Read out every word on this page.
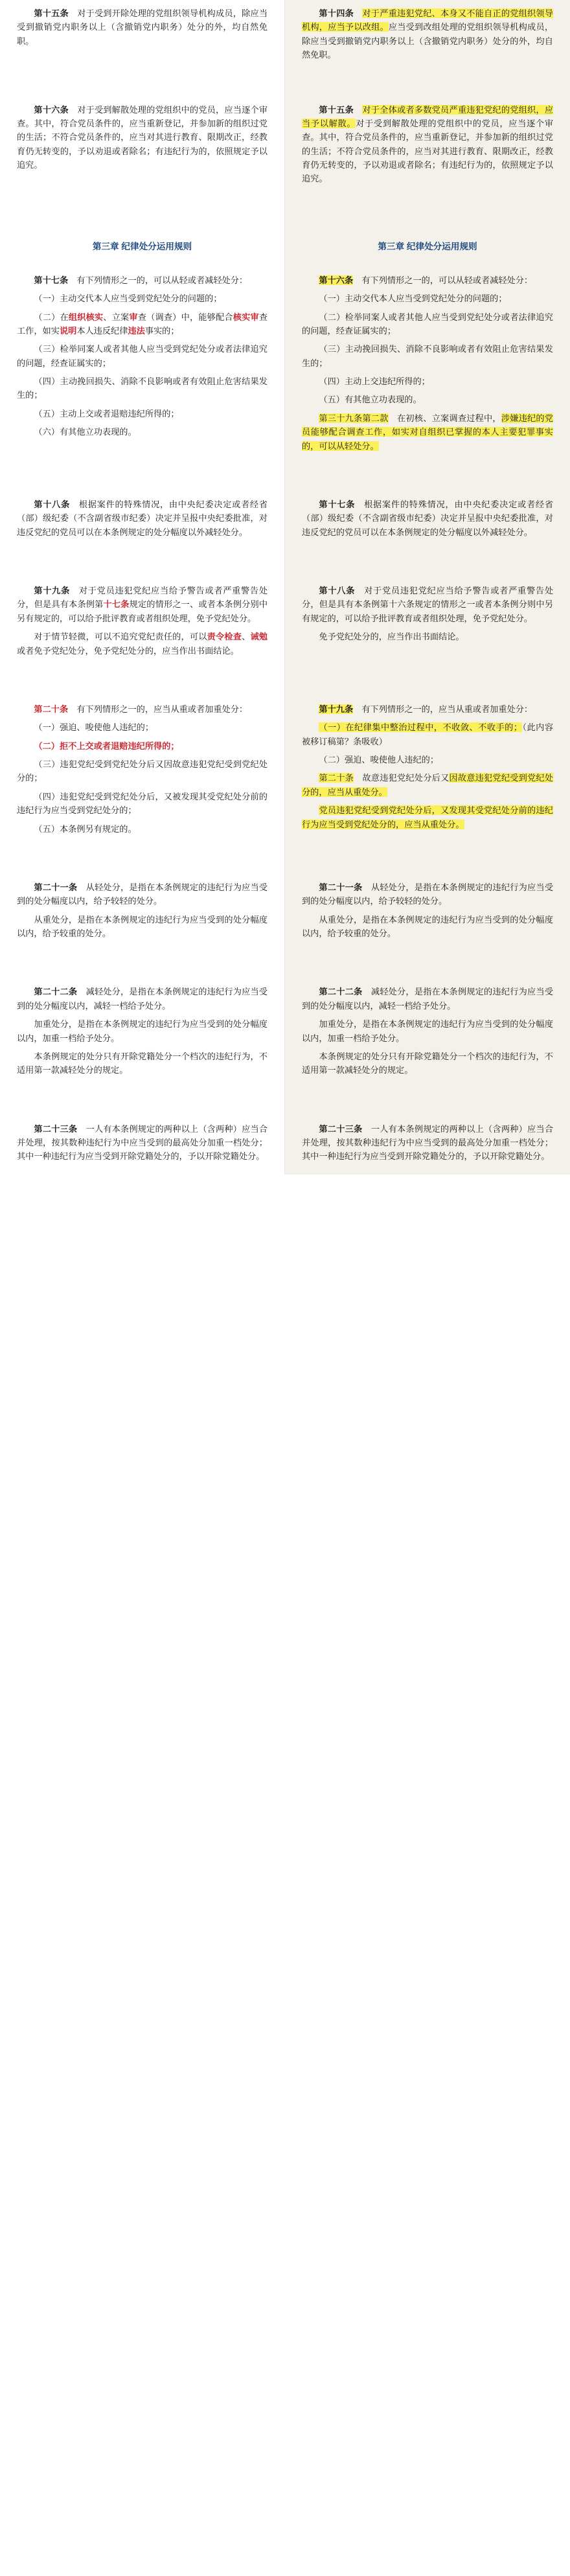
第十五条　 对于受到开除处理的党组织领导机构成员，除应当受到撤销党内职务以上（含撤销党内职务）处分的外，均自然免职。

第十四条　 对于严重违犯党纪、本身又不能自正的党组织领导机构，应当予以改组。应当受到改组处理的党组织领导机构成员，除应当受到撤销党内职务以上（含撤销党内职务）处分的外，均自然免职。

第十六条　 对于受到解散处理的党组织中的党员，应当逐个审查。其中，符合党员条件的，应当重新登记，并参加新的组织过党的生活；不符合党员条件的，应当对其进行教育、限期改正，经教育仍无转变的，予以劝退或者除名；有违纪行为的，依照规定予以追究。

第十五条　 对于全体或者多数党员严重违犯党纪的党组织，应当予以解散。对于受到解散处理的党组织中的党员，应当逐个审查。其中，符合党员条件的，应当重新登记，并参加新的组织过党的生活；不符合党员条件的，应当对其进行教育、限期改正，经教育仍无转变的，予以劝退或者除名；有违纪行为的，依照规定予以追究。

第三章 纪律处分运用规则	第三章 纪律处分运用规则

第十七条　 有下列情形之一的，可以从轻或者减轻处分：

（一）主动交代本人应当受到党纪处分的问题的；

（二）在组织核实、立案审查（调查）中，能够配合核实审查工作，如实说明本人违反纪律违法事实的；

（三）检举同案人或者其他人应当受到党纪处分或者法律追究的问题，经查证属实的；

（四）主动挽回损失、消除不良影响或者有效阻止危害结果发生的；

（五）主动上交或者退赔违纪所得的；

（六）有其他立功表现的。

第十六条　 有下列情形之一的，可以从轻或者减轻处分：

（一）主动交代本人应当受到党纪处分的问题的；

（二）检举同案人或者其他人应当受到党纪处分或者法律追究的问题，经查证属实的；

（三）主动挽回损失、消除不良影响或者有效阻止危害结果发生的；

（四）主动上交违纪所得的；

（五）有其他立功表现的。

第三十九条第二款　在初核、立案调查过程中，涉嫌违纪的党员能够配合调查工作，如实对自组织已掌握的本人主要犯罪事实的，可以从轻处分。

第十八条　 根据案件的特殊情况，由中央纪委决定或者经省（部）级纪委（不含副省级市纪委）决定并呈报中央纪委批准，对违反党纪的党员可以在本条例规定的处分幅度以外减轻处分。

第十七条　 根据案件的特殊情况，由中央纪委决定或者经省（部）级纪委（不含副省级市纪委）决定并呈报中央纪委批准，对违反党纪的党员可以在本条例规定的处分幅度以外减轻处分。

第十九条　对于党员违犯党纪应当给予警告或者严重警告处分，但是具有本条例第十七条规定的情形之一、或者本条例分别中另有规定的，可以给予批评教育或者组织处理，免予党纪处分。

对于情节轻微，可以不追究党纪责任的，可以责令检查、诫勉或者免予党纪处分，免予党纪处分的，应当作出书面结论。

第十八条　 对于党员违犯党纪应当给予警告或者严重警告处分，但是具有本条例第十六条规定的情形之一或者本条例分则中另有规定的，可以给予批评教育或者组织处理，免予党纪处分。

免予党纪处分的，应当作出书面结论。

第二十条　 有下列情形之一的，应当从重或者加重处分：

（一）强迫、唆使他人违纪的；

（二）拒不上交或者退赔违纪所得的；

（三）违犯党纪受到党纪处分后又因故意违犯党纪受到党纪处分的；

（四）违犯党纪受到党纪处分后，又被发现其受党纪处分前的违纪行为应当受到党纪处分的；

（五）本条例另有规定的。

第十九条　 有下列情形之一的，应当从重或者加重处分：

（一）在纪律集中整治过程中，不收敛、不收手的；（此内容被移订稿第？条吸收）

（二）强迫、唆使他人违纪的；

第二十条　故意违犯党纪处分后又因故意违犯党纪受到党纪处分的，应当从重处分。

党员违犯党纪受到党纪处分后，又发现其受党纪处分前的违纪行为应当受到党纪处分的，应当从重处分。

第二十一条　 从轻处分，是指在本条例规定的违纪行为应当受到的处分幅度以内，给予较轻的处分。

从重处分，是指在本条例规定的违纪行为应当受到的处分幅度以内，给予较重的处分。

第二十一条　 从轻处分，是指在本条例规定的违纪行为应当受到的处分幅度以内，给予较轻的处分。

从重处分，是指在本条例规定的违纪行为应当受到的处分幅度以内，给予较重的处分。

第二十二条　 减轻处分，是指在本条例规定的违纪行为应当受到的处分幅度以内，减轻一档给予处分。

加重处分，是指在本条例规定的违纪行为应当受到的处分幅度以内，加重一档给予处分。

本条例规定的处分只有开除党籍处分一个档次的违纪行为，不适用第一款减轻处分的规定。

第二十二条　 减轻处分，是指在本条例规定的违纪行为应当受到的处分幅度以内，减轻一档给予处分。

加重处分，是指在本条例规定的违纪行为应当受到的处分幅度以内，加重一档给予处分。

本条例规定的处分只有开除党籍处分一个档次的违纪行为，不适用第一款减轻处分的规定。

第二十三条　 一人有本条例规定的两种以上（含两种）应当合并处理，按其数种违纪行为中应当受到的最高处分加重一档处分；其中一种违纪行为应当受到开除党籍处分的，予以开除党籍处分。

第二十三条　 一人有本条例规定的两种以上（含两种）应当合并处理，按其数种违纪行为中应当受到的最高处分加重一档处分；其中一种违纪行为应当受到开除党籍处分的，予以开除党籍处分。
